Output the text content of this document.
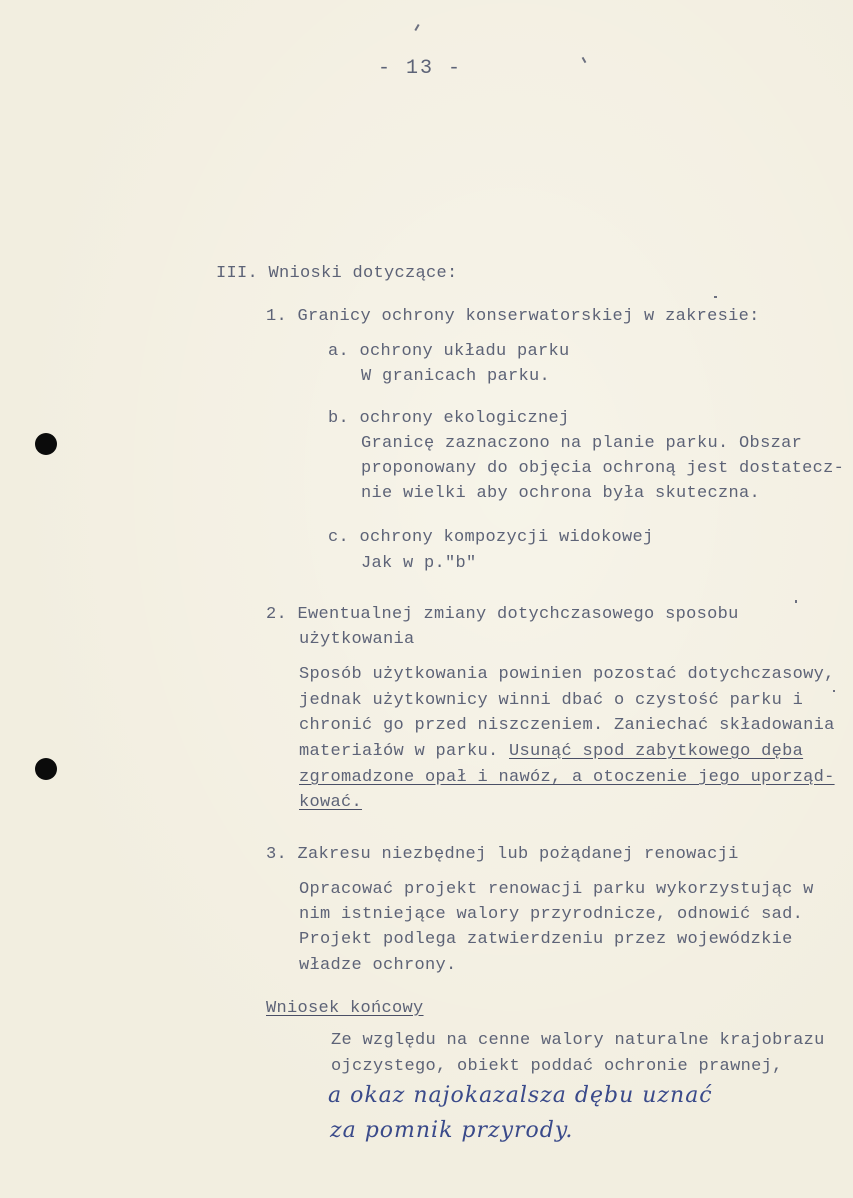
- 13 -
III. Wnioski dotyczące:
1. Granicy ochrony konserwatorskiej w zakresie:
a. ochrony układu parku
W granicach parku.
b. ochrony ekologicznej
Granicę zaznaczono na planie parku. Obszar
proponowany do objęcia ochroną jest dostatecz-
nie wielki aby ochrona była skuteczna.
c. ochrony kompozycji widokowej
Jak w p."b"
2. Ewentualnej zmiany dotychczasowego sposobu
użytkowania
Sposób użytkowania powinien pozostać dotychczasowy,
jednak użytkownicy winni dbać o czystość parku i
chronić go przed niszczeniem. Zaniechać składowania
materiałów w parku. Usunąć spod zabytkowego dęba
zgromadzone opał i nawóz, a otoczenie jego uporząd-
kować.
3. Zakresu niezbędnej lub pożądanej renowacji
Opracować projekt renowacji parku wykorzystując w
nim istniejące walory przyrodnicze, odnowić sad.
Projekt podlega zatwierdzeniu przez wojewódzkie
władze ochrony.
Wniosek końcowy
Ze względu na cenne walory naturalne krajobrazu
ojczystego, obiekt poddać ochronie prawnej,
a okaz najokazalsza dębu uznać
za pomnik przyrody.
